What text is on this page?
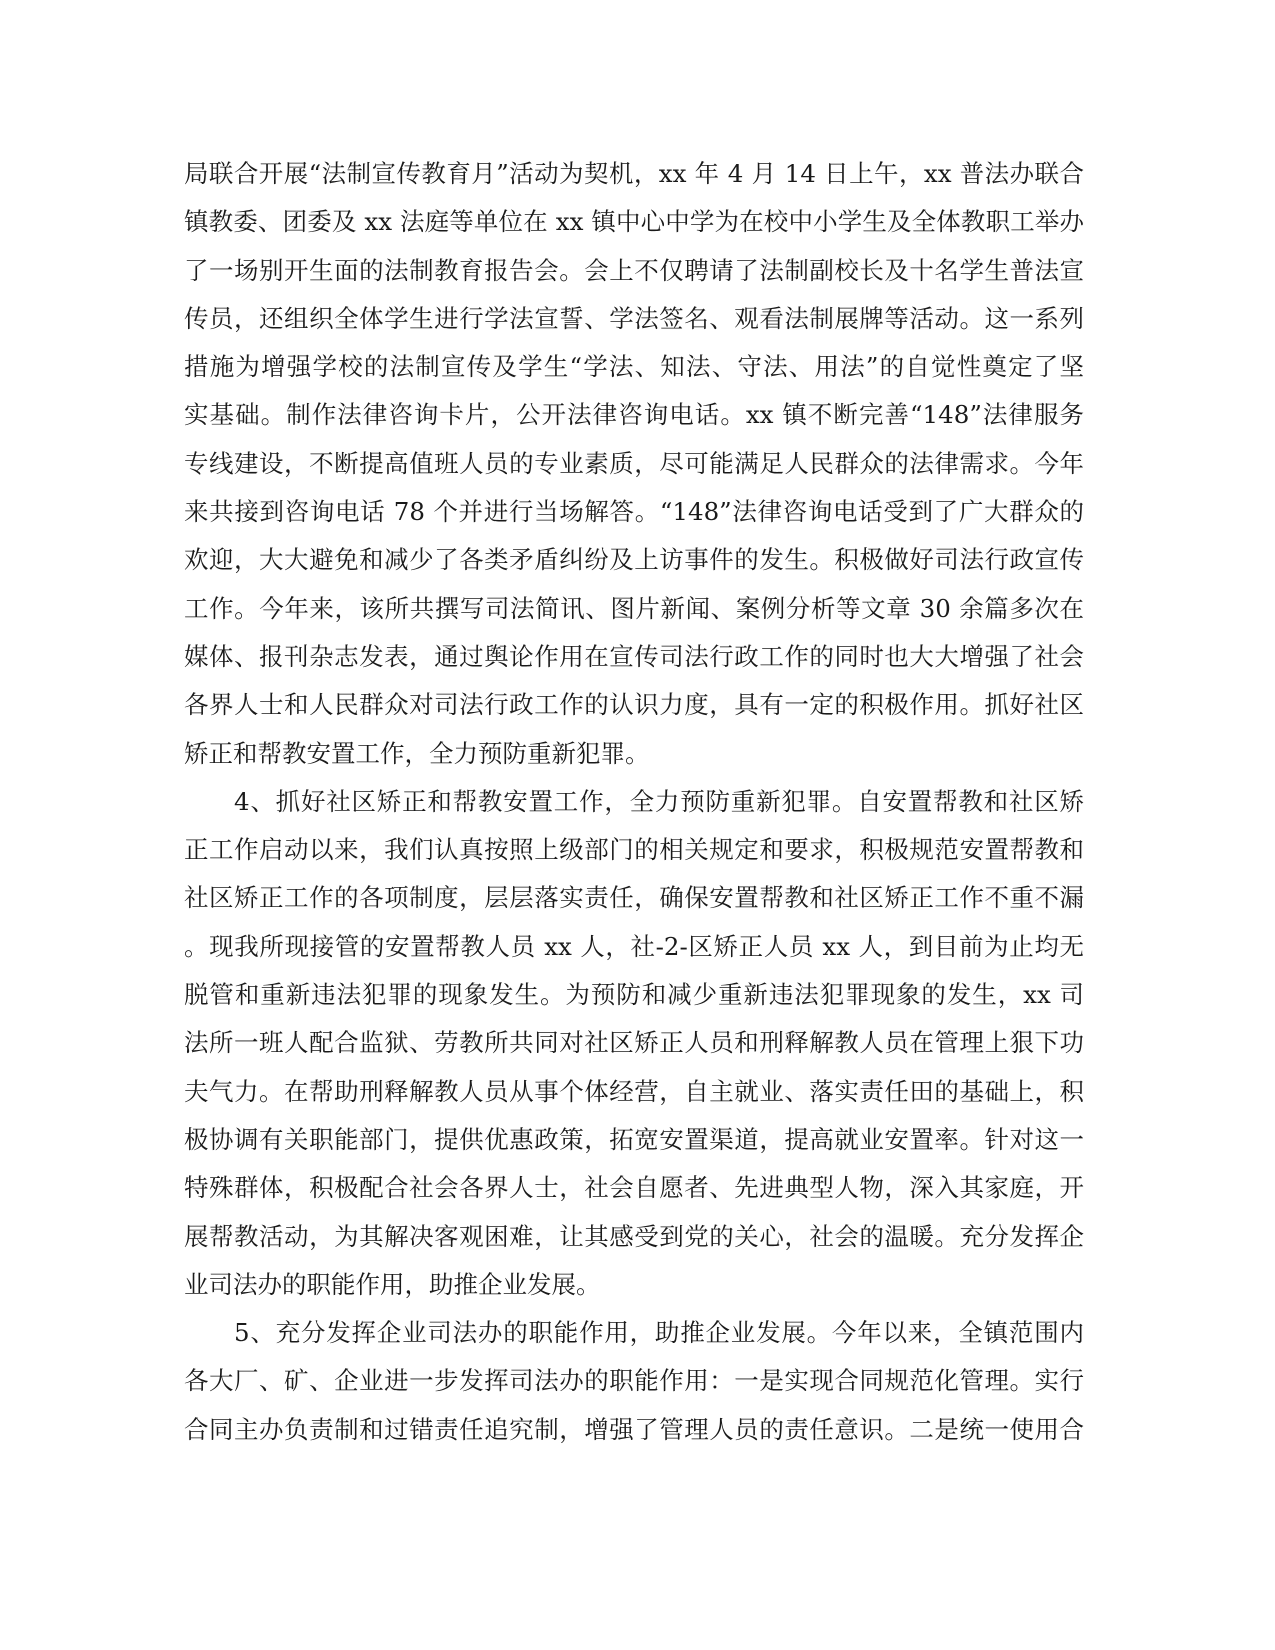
局联合开展“法制宣传教育月”活动为契机，xx 年 4 月 14 日上午，xx 普法办联合
镇教委、团委及 xx 法庭等单位在 xx 镇中心中学为在校中小学生及全体教职工举办
了一场别开生面的法制教育报告会。会上不仅聘请了法制副校长及十名学生普法宣
传员，还组织全体学生进行学法宣誓、学法签名、观看法制展牌等活动。这一系列
措施为增强学校的法制宣传及学生“学法、知法、守法、用法”的自觉性奠定了坚
实基础。制作法律咨询卡片，公开法律咨询电话。xx 镇不断完善“148”法律服务
专线建设，不断提高值班人员的专业素质，尽可能满足人民群众的法律需求。今年
来共接到咨询电话 78 个并进行当场解答。“148”法律咨询电话受到了广大群众的
欢迎，大大避免和减少了各类矛盾纠纷及上访事件的发生。积极做好司法行政宣传
工作。今年来，该所共撰写司法简讯、图片新闻、案例分析等文章 30 余篇多次在
媒体、报刊杂志发表，通过舆论作用在宣传司法行政工作的同时也大大增强了社会
各界人士和人民群众对司法行政工作的认识力度，具有一定的积极作用。抓好社区
矫正和帮教安置工作，全力预防重新犯罪。
4、抓好社区矫正和帮教安置工作，全力预防重新犯罪。自安置帮教和社区矫
正工作启动以来，我们认真按照上级部门的相关规定和要求，积极规范安置帮教和
社区矫正工作的各项制度，层层落实责任，确保安置帮教和社区矫正工作不重不漏
。现我所现接管的安置帮教人员 xx 人，社-2-区矫正人员 xx 人，到目前为止均无
脱管和重新违法犯罪的现象发生。为预防和减少重新违法犯罪现象的发生，xx 司
法所一班人配合监狱、劳教所共同对社区矫正人员和刑释解教人员在管理上狠下功
夫气力。在帮助刑释解教人员从事个体经营，自主就业、落实责任田的基础上，积
极协调有关职能部门，提供优惠政策，拓宽安置渠道，提高就业安置率。针对这一
特殊群体，积极配合社会各界人士，社会自愿者、先进典型人物，深入其家庭，开
展帮教活动，为其解决客观困难，让其感受到党的关心，社会的温暖。充分发挥企
业司法办的职能作用，助推企业发展。
5、充分发挥企业司法办的职能作用，助推企业发展。今年以来，全镇范围内
各大厂、矿、企业进一步发挥司法办的职能作用：一是实现合同规范化管理。实行
合同主办负责制和过错责任追究制，增强了管理人员的责任意识。二是统一使用合
